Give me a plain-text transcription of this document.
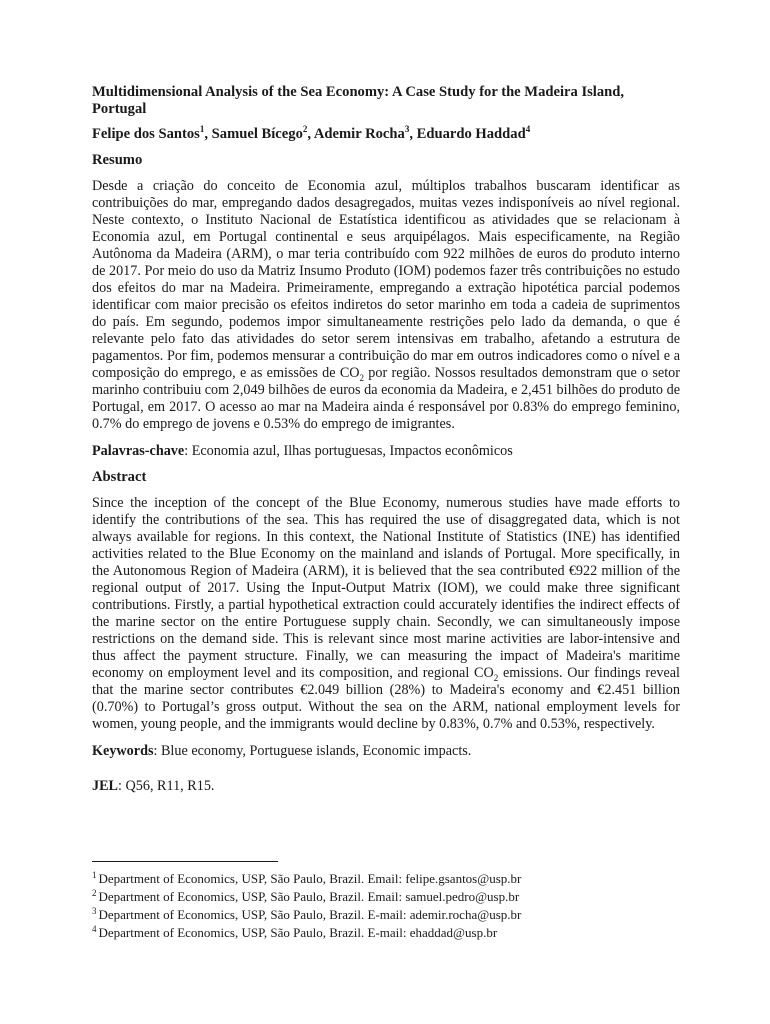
Multidimensional Analysis of the Sea Economy: A Case Study for the Madeira Island, Portugal
Felipe dos Santos$^1$, Samuel Bícego$^2$, Ademir Rocha$^3$, Eduardo Haddad$^4$
Resumo

Desde a criação do conceito de Economia azul, múltiplos trabalhos buscaram identificar as contribuições do mar, empregando dados desagregados, muitas vezes indisponíveis ao nível regional. Neste contexto, o Instituto Nacional de Estatística identificou as atividades que se relacionam à Economia azul, em Portugal continental e seus arquipélagos. Mais especificamente, na Região Autônoma da Madeira (ARM), o mar teria contribuído com 922 milhões de euros do produto interno de 2017. Por meio do uso da Matriz Insumo Produto (IOM) podemos fazer três contribuições no estudo dos efeitos do mar na Madeira. Primeiramente, empregando a extração hipotética parcial podemos identificar com maior precisão os efeitos indiretos do setor marinho em toda a cadeia de suprimentos do país. Em segundo, podemos impor simultaneamente restrições pelo lado da demanda, o que é relevante pelo fato das atividades do setor serem intensivas em trabalho, afetando a estrutura de pagamentos. Por fim, podemos mensurar a contribuição do mar em outros indicadores como o nível e a composição do emprego, e as emissões de $CO_2$ por região. Nossos resultados demonstram que o setor marinho contribuiu com 2,049 bilhões de euros da economia da Madeira, e 2,451 bilhões do produto de Portugal, em 2017. O acesso ao mar na Madeira ainda é responsável por 0.83% do emprego feminino, 0.7% do emprego de jovens e 0.53% do emprego de imigrantes.

Palavras-chave: Economia azul, Ilhas portuguesas, Impactos econômicos

Abstract

Since the inception of the concept of the Blue Economy, numerous studies have made efforts to identify the contributions of the sea. This has required the use of disaggregated data, which is not always available for regions. In this context, the National Institute of Statistics (INE) has identified activities related to the Blue Economy on the mainland and islands of Portugal. More specifically, in the Autonomous Region of Madeira (ARM), it is believed that the sea contributed €922 million of the regional output of 2017. Using the Input-Output Matrix (IOM), we could make three significant contributions. Firstly, a partial hypothetical extraction could accurately identifies the indirect effects of the marine sector on the entire Portuguese supply chain. Secondly, we can simultaneously impose restrictions on the demand side. This is relevant since most marine activities are labor-intensive and thus affect the payment structure. Finally, we can measuring the impact of Madeira's maritime economy on employment level and its composition, and regional $CO_2$ emissions. Our findings reveal that the marine sector contributes €2.049 billion (28%) to Madeira's economy and €2.451 billion (0.70%) to Portugal’s gross output. Without the sea on the ARM, national employment levels for women, young people, and the immigrants would decline by 0.83%, 0.7% and 0.53%, respectively.

Keywords: Blue economy, Portuguese islands, Economic impacts.

JEL: Q56, R11, R15.

$^1$ Department of Economics, USP, São Paulo, Brazil. Email: felipe.gsantos@usp.br

$^2$ Department of Economics, USP, São Paulo, Brazil. Email: samuel.pedro@usp.br

$^3$ Department of Economics, USP, São Paulo, Brazil. E-mail: ademir.rocha@usp.br

$^4$ Department of Economics, USP, São Paulo, Brazil. E-mail: ehaddad@usp.br
